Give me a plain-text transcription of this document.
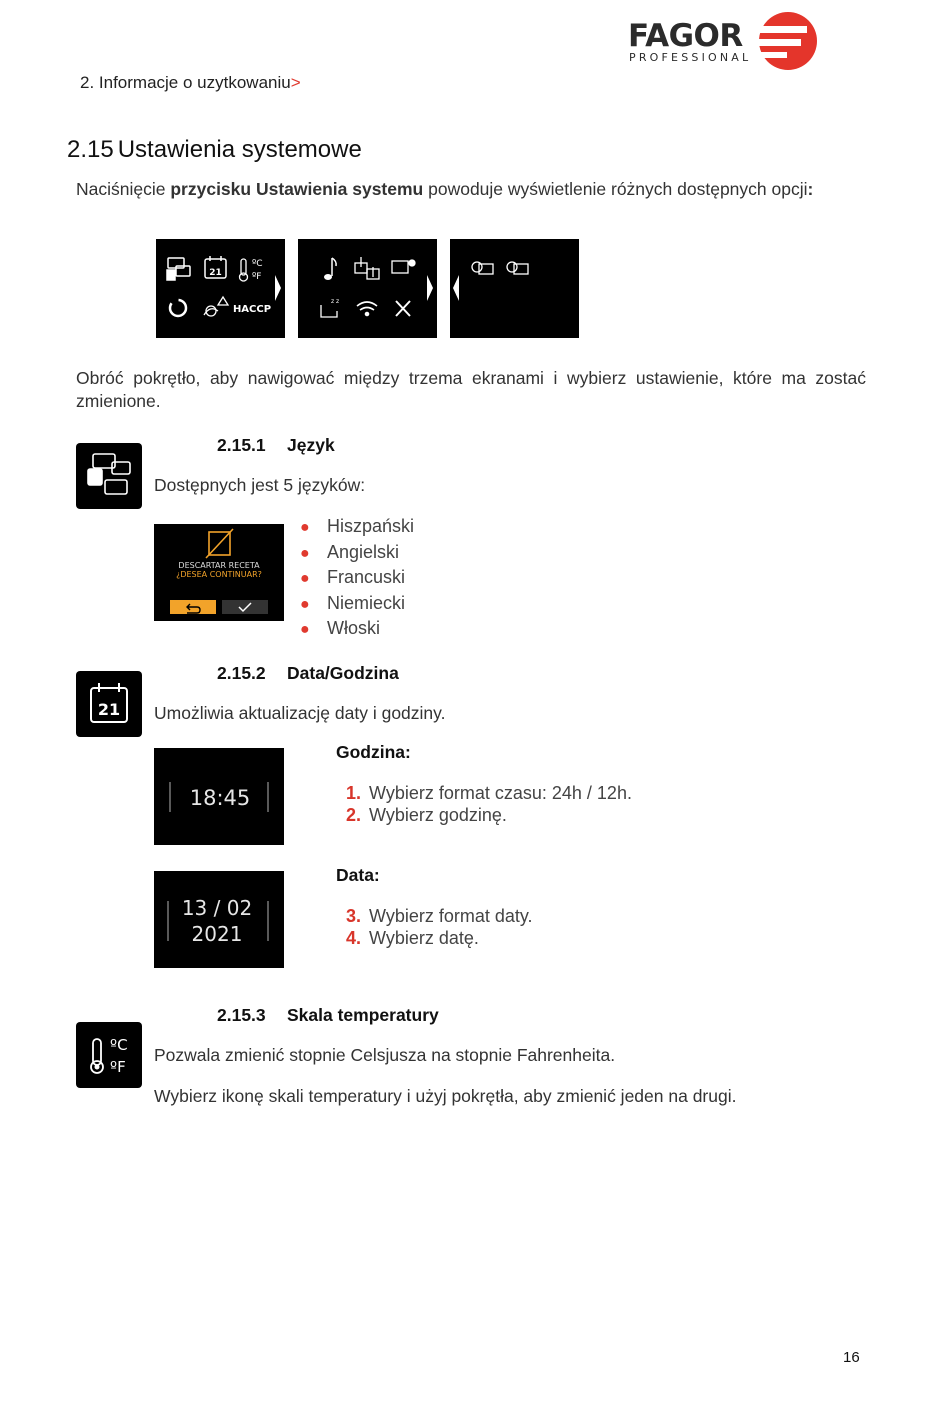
FAGOR
PROFESSIONAL
2. Informacje o uzytkowaniu>
2.15 Ustawienia systemowe
Naciśnięcie przycisku Ustawienia systemu powoduje wyświetlenie różnych dostępnych opcji:
21
ºC
ºF
HACCP
z z
Obróć pokrętło, aby nawigować między trzema ekranami i wybierz ustawienie, które ma zostać zmienione.
2.15.1 Język
Dostępnych jest 5 języków:
DESCARTAR RECETA
¿DESEA CONTINUAR?
● Hiszpański
● Angielski
● Francuski
● Niemiecki
● Włoski
21
2.15.2 Data/Godzina
Umożliwia aktualizację daty i godziny.
18:45
13 / 02
2021
Godzina:
1. Wybierz format czasu: 24h / 12h.
2. Wybierz godzinę.
Data:
3. Wybierz format daty.
4. Wybierz datę.
2.15.3 Skala temperatury
ºC
ºF
Pozwala zmienić stopnie Celsjusza na stopnie Fahrenheita.
Wybierz ikonę skali temperatury i użyj pokrętła, aby zmienić jeden na drugi.
16
